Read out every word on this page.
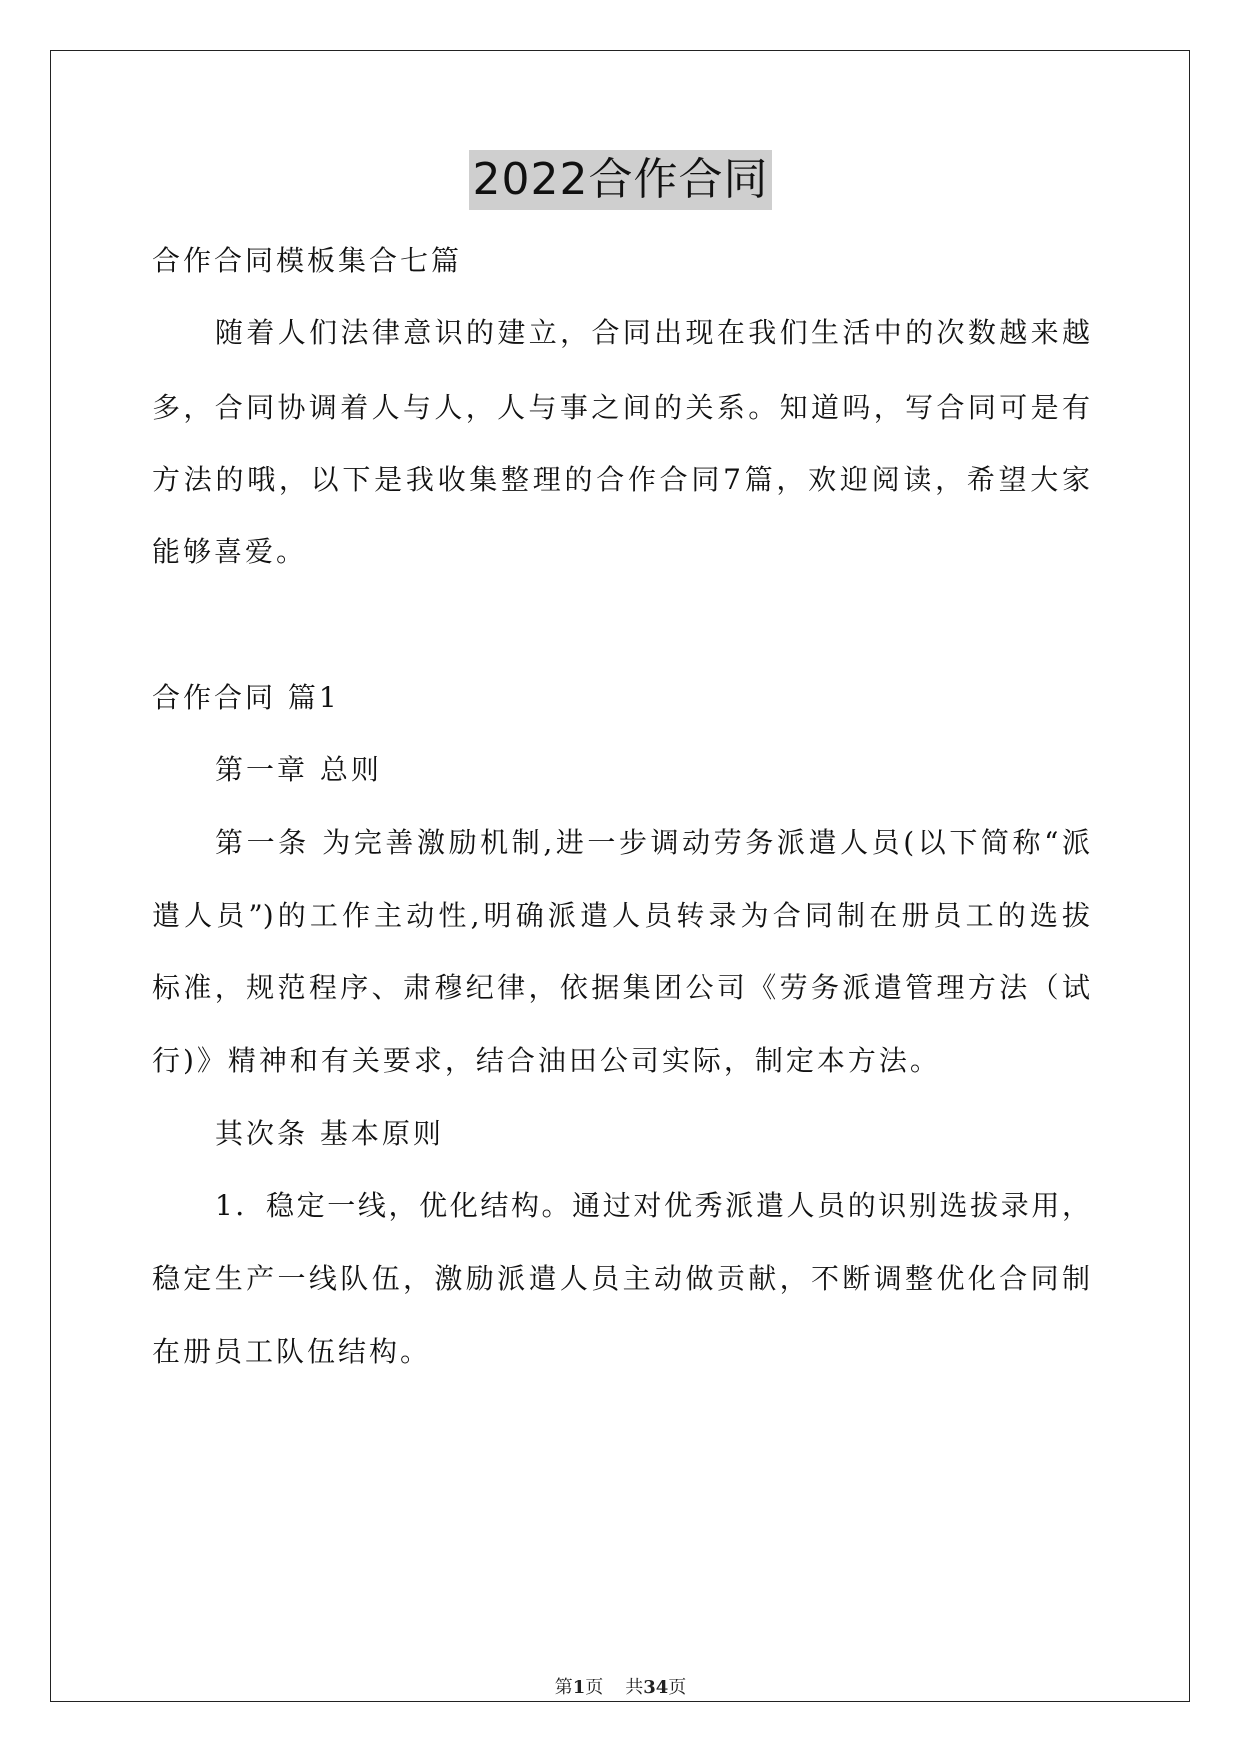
2022合作合同
合作合同模板集合七篇
随着人们法律意识的建立，合同出现在我们生活中的次数越来越
多，合同协调着人与人，人与事之间的关系。知道吗，写合同可是有
方法的哦，以下是我收集整理的合作合同7篇，欢迎阅读，希望大家
能够喜爱。
合作合同 篇1
第一章 总则
第一条 为完善激励机制,进一步调动劳务派遣人员(以下简称“派
遣人员”)的工作主动性,明确派遣人员转录为合同制在册员工的选拔
标准，规范程序、肃穆纪律，依据集团公司《劳务派遣管理方法（试
行)》精神和有关要求，结合油田公司实际，制定本方法。
其次条 基本原则
1．稳定一线，优化结构。通过对优秀派遣人员的识别选拔录用，
稳定生产一线队伍，激励派遣人员主动做贡献，不断调整优化合同制
在册员工队伍结构。
第1页 共34页
